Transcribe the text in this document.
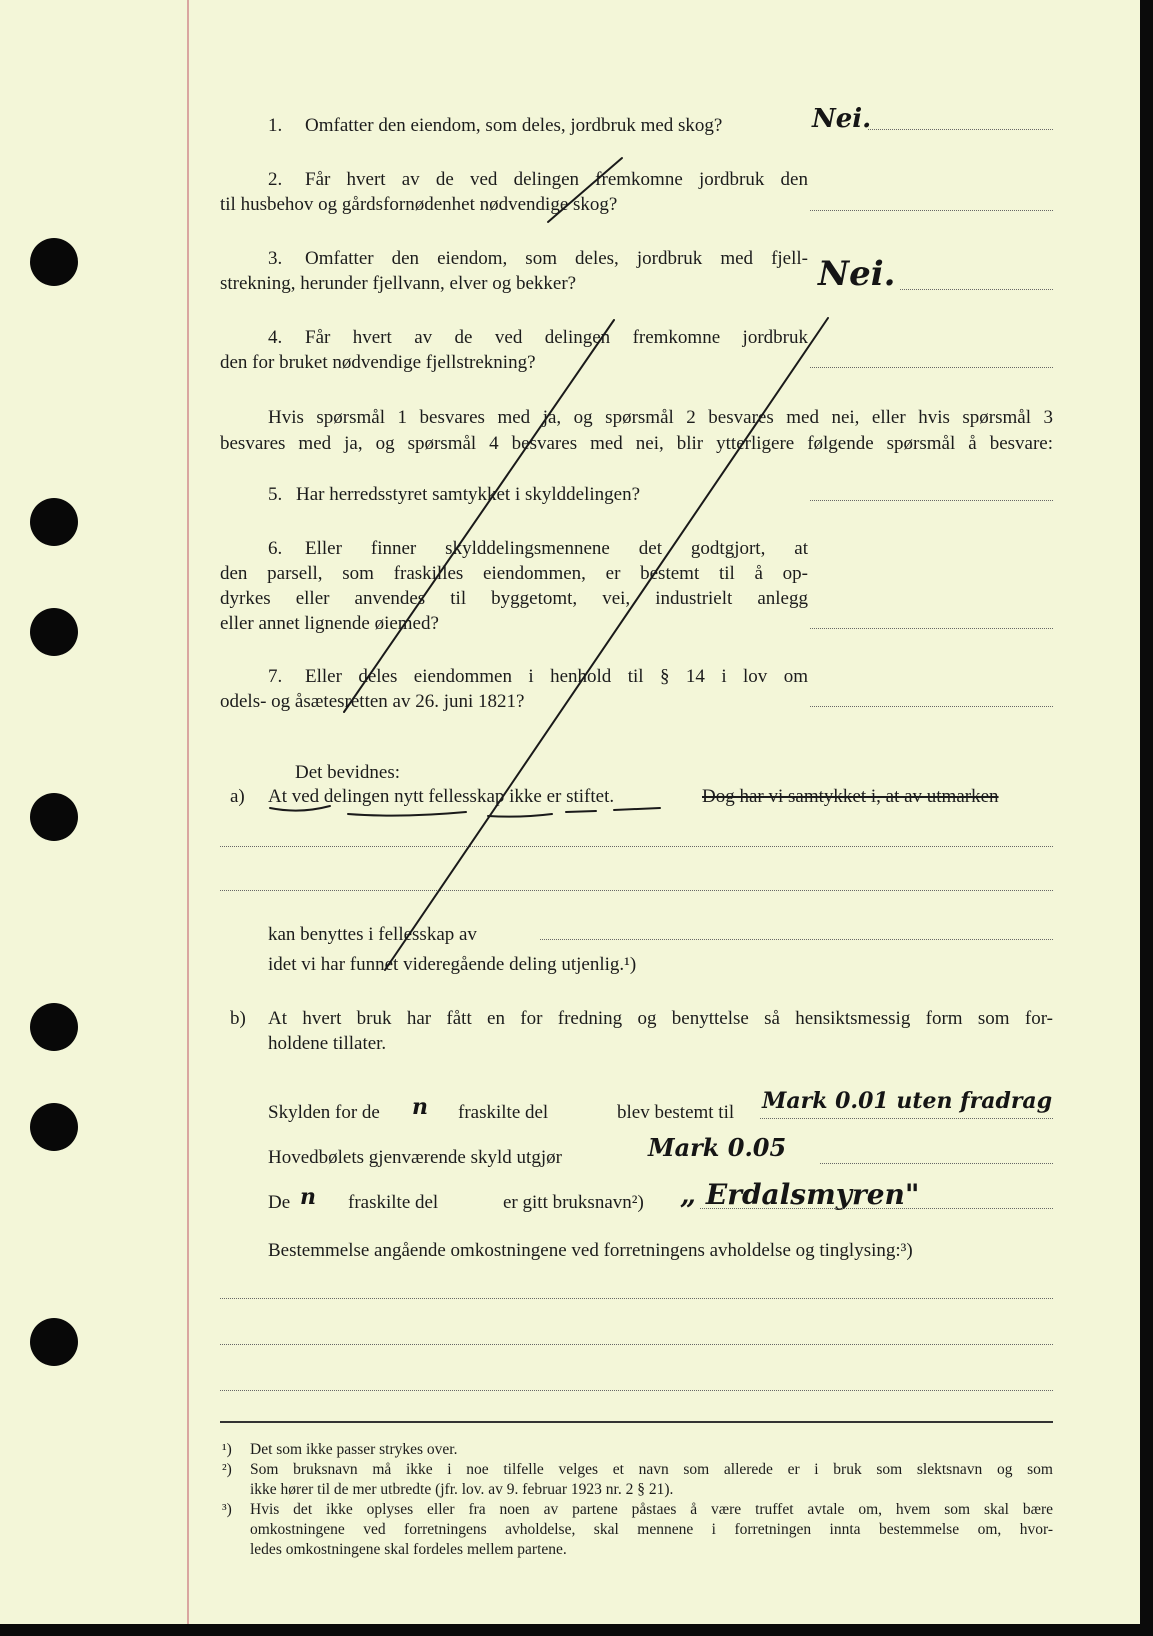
1. Omfatter den eiendom, som deles, jordbruk med skog?	Nei.
2. Får hvert av de ved delingen fremkomne jordbruk den
til husbehov og gårdsfornødenhet nødvendige skog?
3. Omfatter den eiendom, som deles, jordbruk med fjell-
strekning, herunder fjellvann, elver og bekker?	Nei.
4. Får hvert av de ved delingen fremkomne jordbruk
den for bruket nødvendige fjellstrekning?
Hvis spørsmål 1 besvares med ja, og spørsmål 2 besvares med nei, eller hvis spørsmål 3
besvares med ja, og spørsmål 4 besvares med nei, blir ytterligere følgende spørsmål å besvare:
5. Har herredsstyret samtykket i skylddelingen?
6. Eller finner skylddelingsmennene det godtgjort, at
den parsell, som fraskilles eiendommen, er bestemt til å op-
dyrkes eller anvendes til byggetomt, vei, industrielt anlegg
eller annet lignende øiemed?
7. Eller deles eiendommen i henhold til § 14 i lov om
odels- og åsætesretten av 26. juni 1821?
Det bevidnes:
a) At ved delingen nytt fellesskap ikke er stiftet.	Dog har vi samtykket i, at av utmarken
kan benyttes i fellesskap av
idet vi har funnet videregående deling utjenlig.¹)
b) At hvert bruk har fått en for fredning og benyttelse så hensiktsmessig form som for-
holdene tillater.
Skylden for de n fraskilte del	blev bestemt til Mark 0.01 uten fradrag
Hovedbølets gjenværende skyld utgjør	Mark 0.05
De n fraskilte del	er gitt bruksnavn²) „ Erdalsmyren"
Bestemmelse angående omkostningene ved forretningens avholdelse og tinglysing:³)
¹) Det som ikke passer strykes over.
²) Som bruksnavn må ikke i noe tilfelle velges et navn som allerede er i bruk som slektsnavn og som
ikke hører til de mer utbredte (jfr. lov. av 9. februar 1923 nr. 2 § 21).
³) Hvis det ikke oplyses eller fra noen av partene påstaes å være truffet avtale om, hvem som skal bære
omkostningene ved forretningens avholdelse, skal mennene i forretningen innta bestemmelse om, hvor-
ledes omkostningene skal fordeles mellem partene.
